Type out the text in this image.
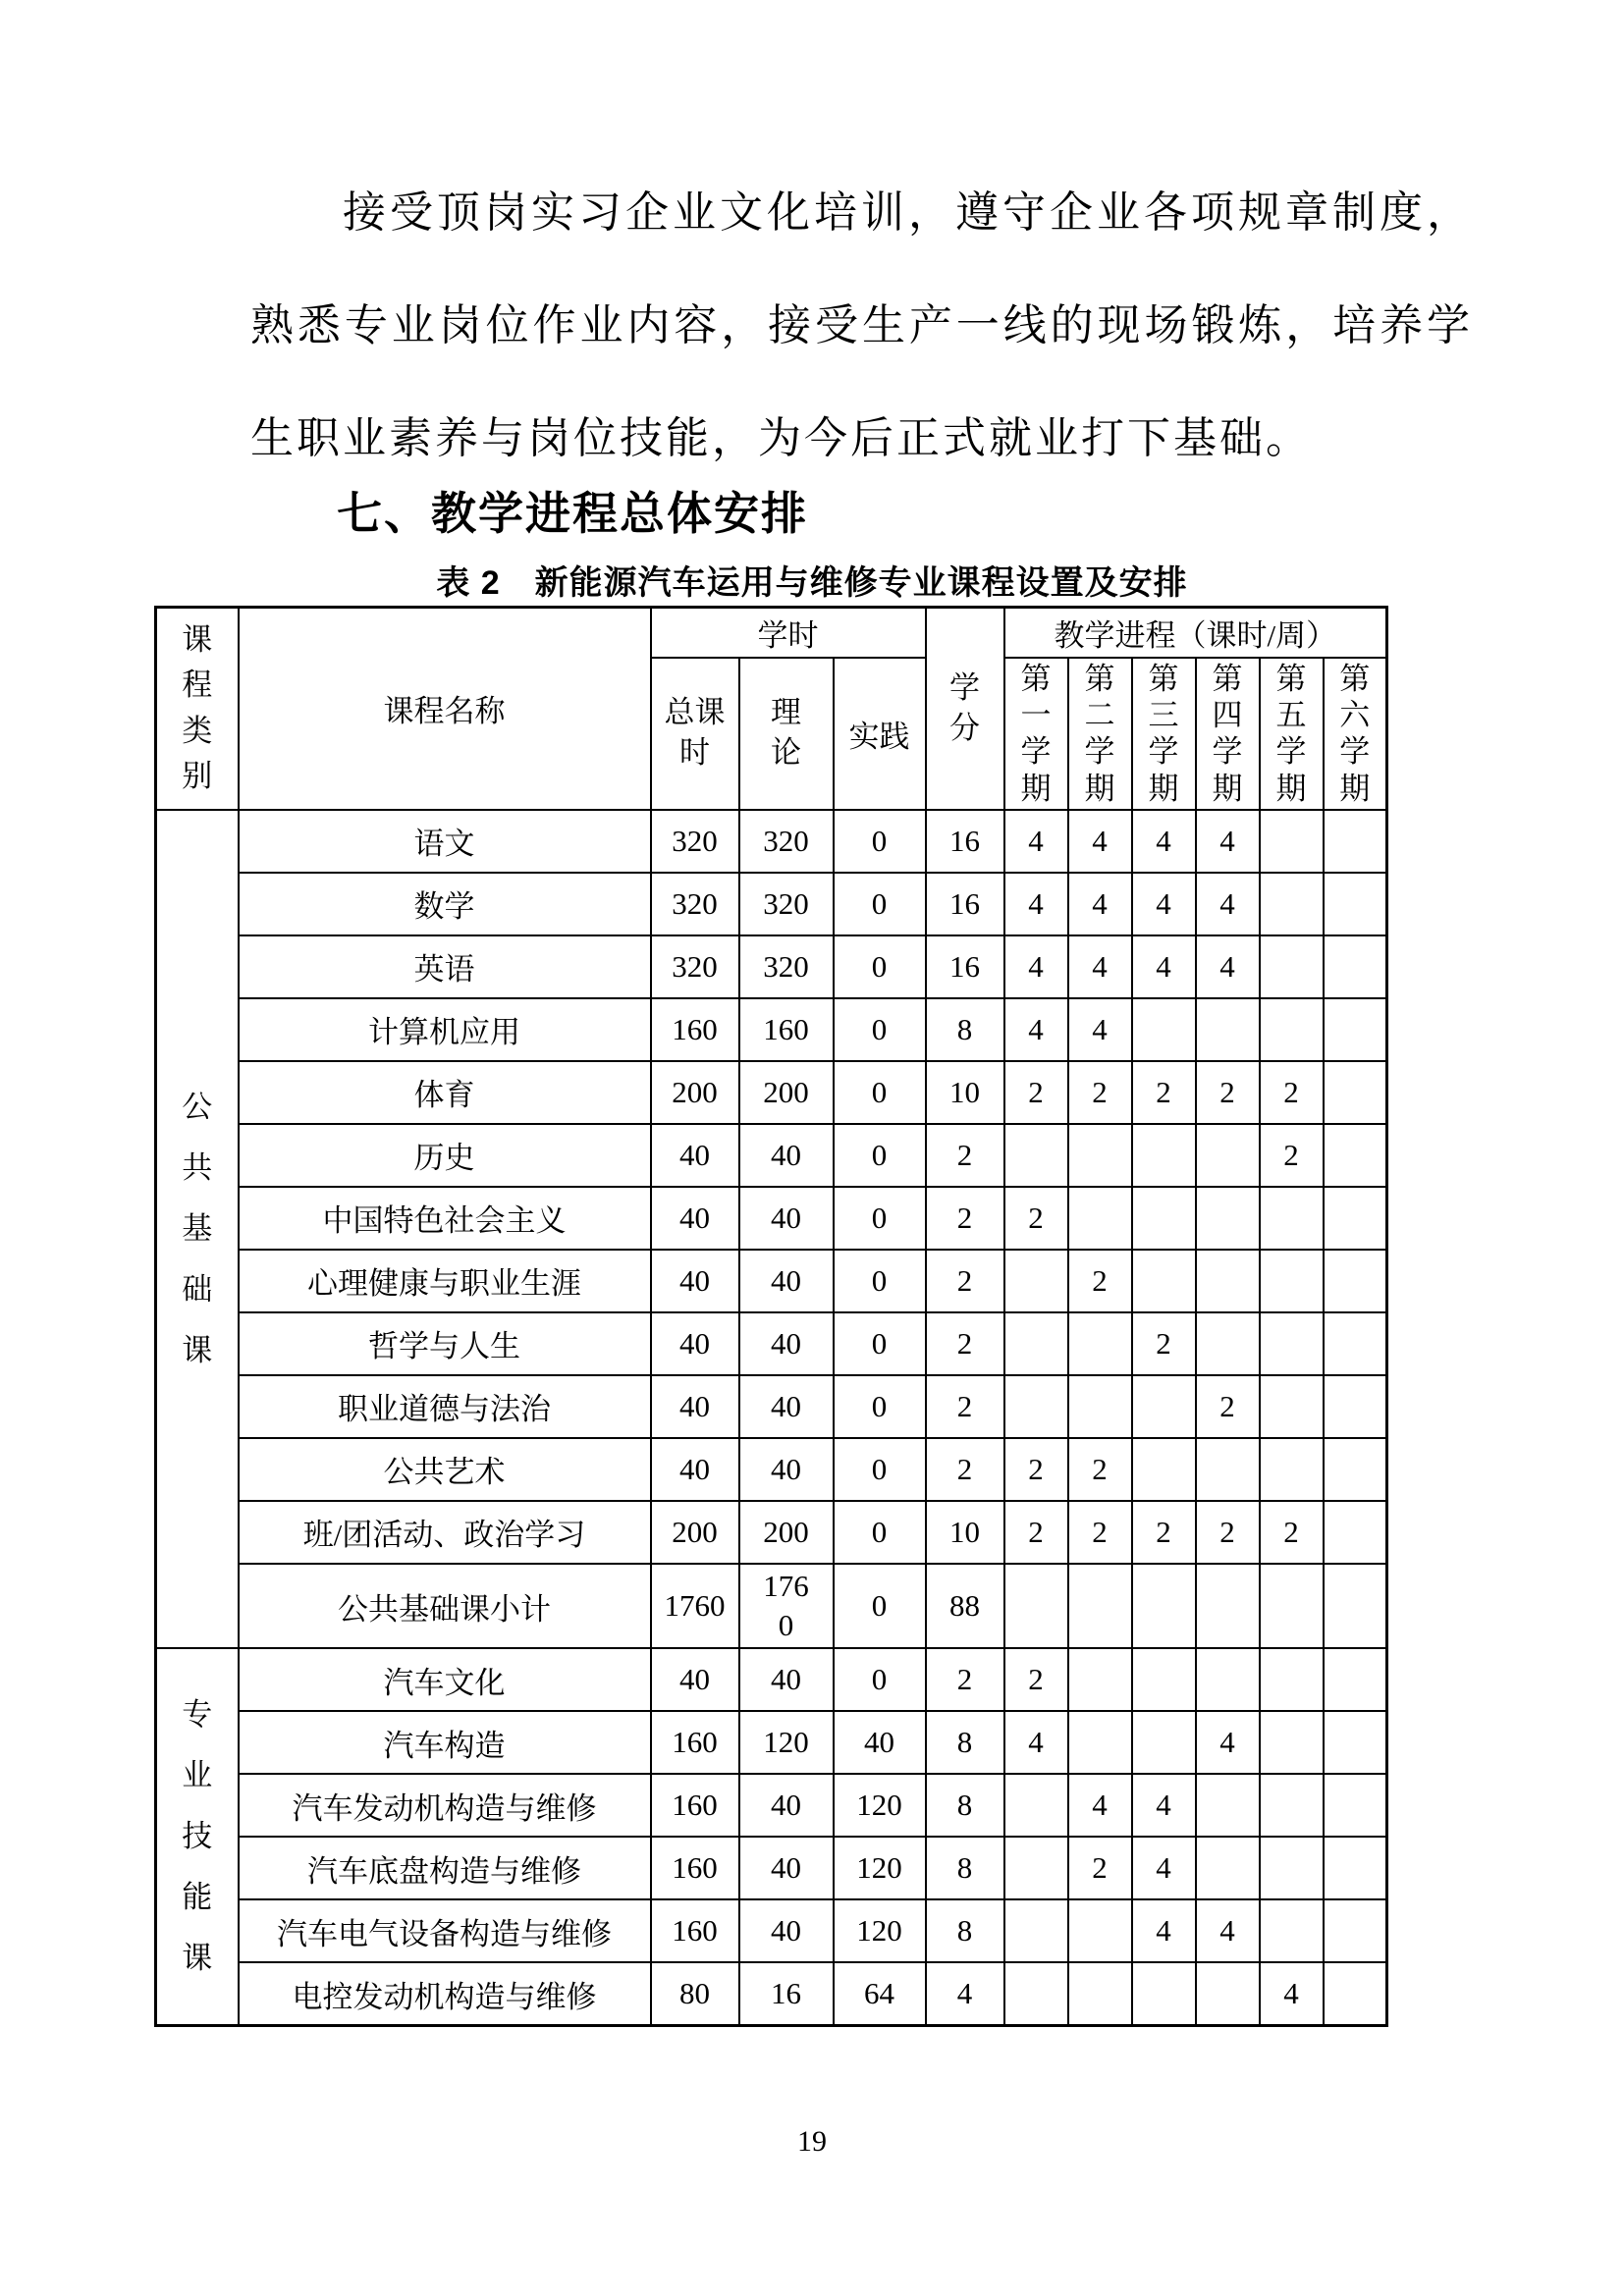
接受顶岗实习企业文化培训，遵守企业各项规章制度，熟悉专业岗位作业内容，接受生产一线的现场锻炼，培养学生职业素养与岗位技能，为今后正式就业打下基础。

七、教学进程总体安排
表 2　新能源汽车运用与维修专业课程设置及安排
课程类别	课程名称	学时			学分	教学进程（课时/周）					
		总课时	理论	实践		第一学期	第二学期	第三学期	第四学期	第五学期	第六学期
公共基础课	语文	320	320	0	16	4	4	4	4		
	数学	320	320	0	16	4	4	4	4		
	英语	320	320	0	16	4	4	4	4		
	计算机应用	160	160	0	8	4	4				
	体育	200	200	0	10	2	2	2	2	2	
	历史	40	40	0	2					2	
	中国特色社会主义	40	40	0	2	2					
	心理健康与职业生涯	40	40	0	2		2				
	哲学与人生	40	40	0	2			2			
	职业道德与法治	40	40	0	2				2		
	公共艺术	40	40	0	2	2	2				
	班/团活动、政治学习	200	200	0	10	2	2	2	2	2	
	公共基础课小计	1760	1760	0	88						
专业技能课	汽车文化	40	40	0	2	2					
	汽车构造	160	120	40	8	4			4		
	汽车发动机构造与维修	160	40	120	8		4	4			
	汽车底盘构造与维修	160	40	120	8		2	4			
	汽车电气设备构造与维修	160	40	120	8			4	4		
	电控发动机构造与维修	80	16	64	4					4	
19
